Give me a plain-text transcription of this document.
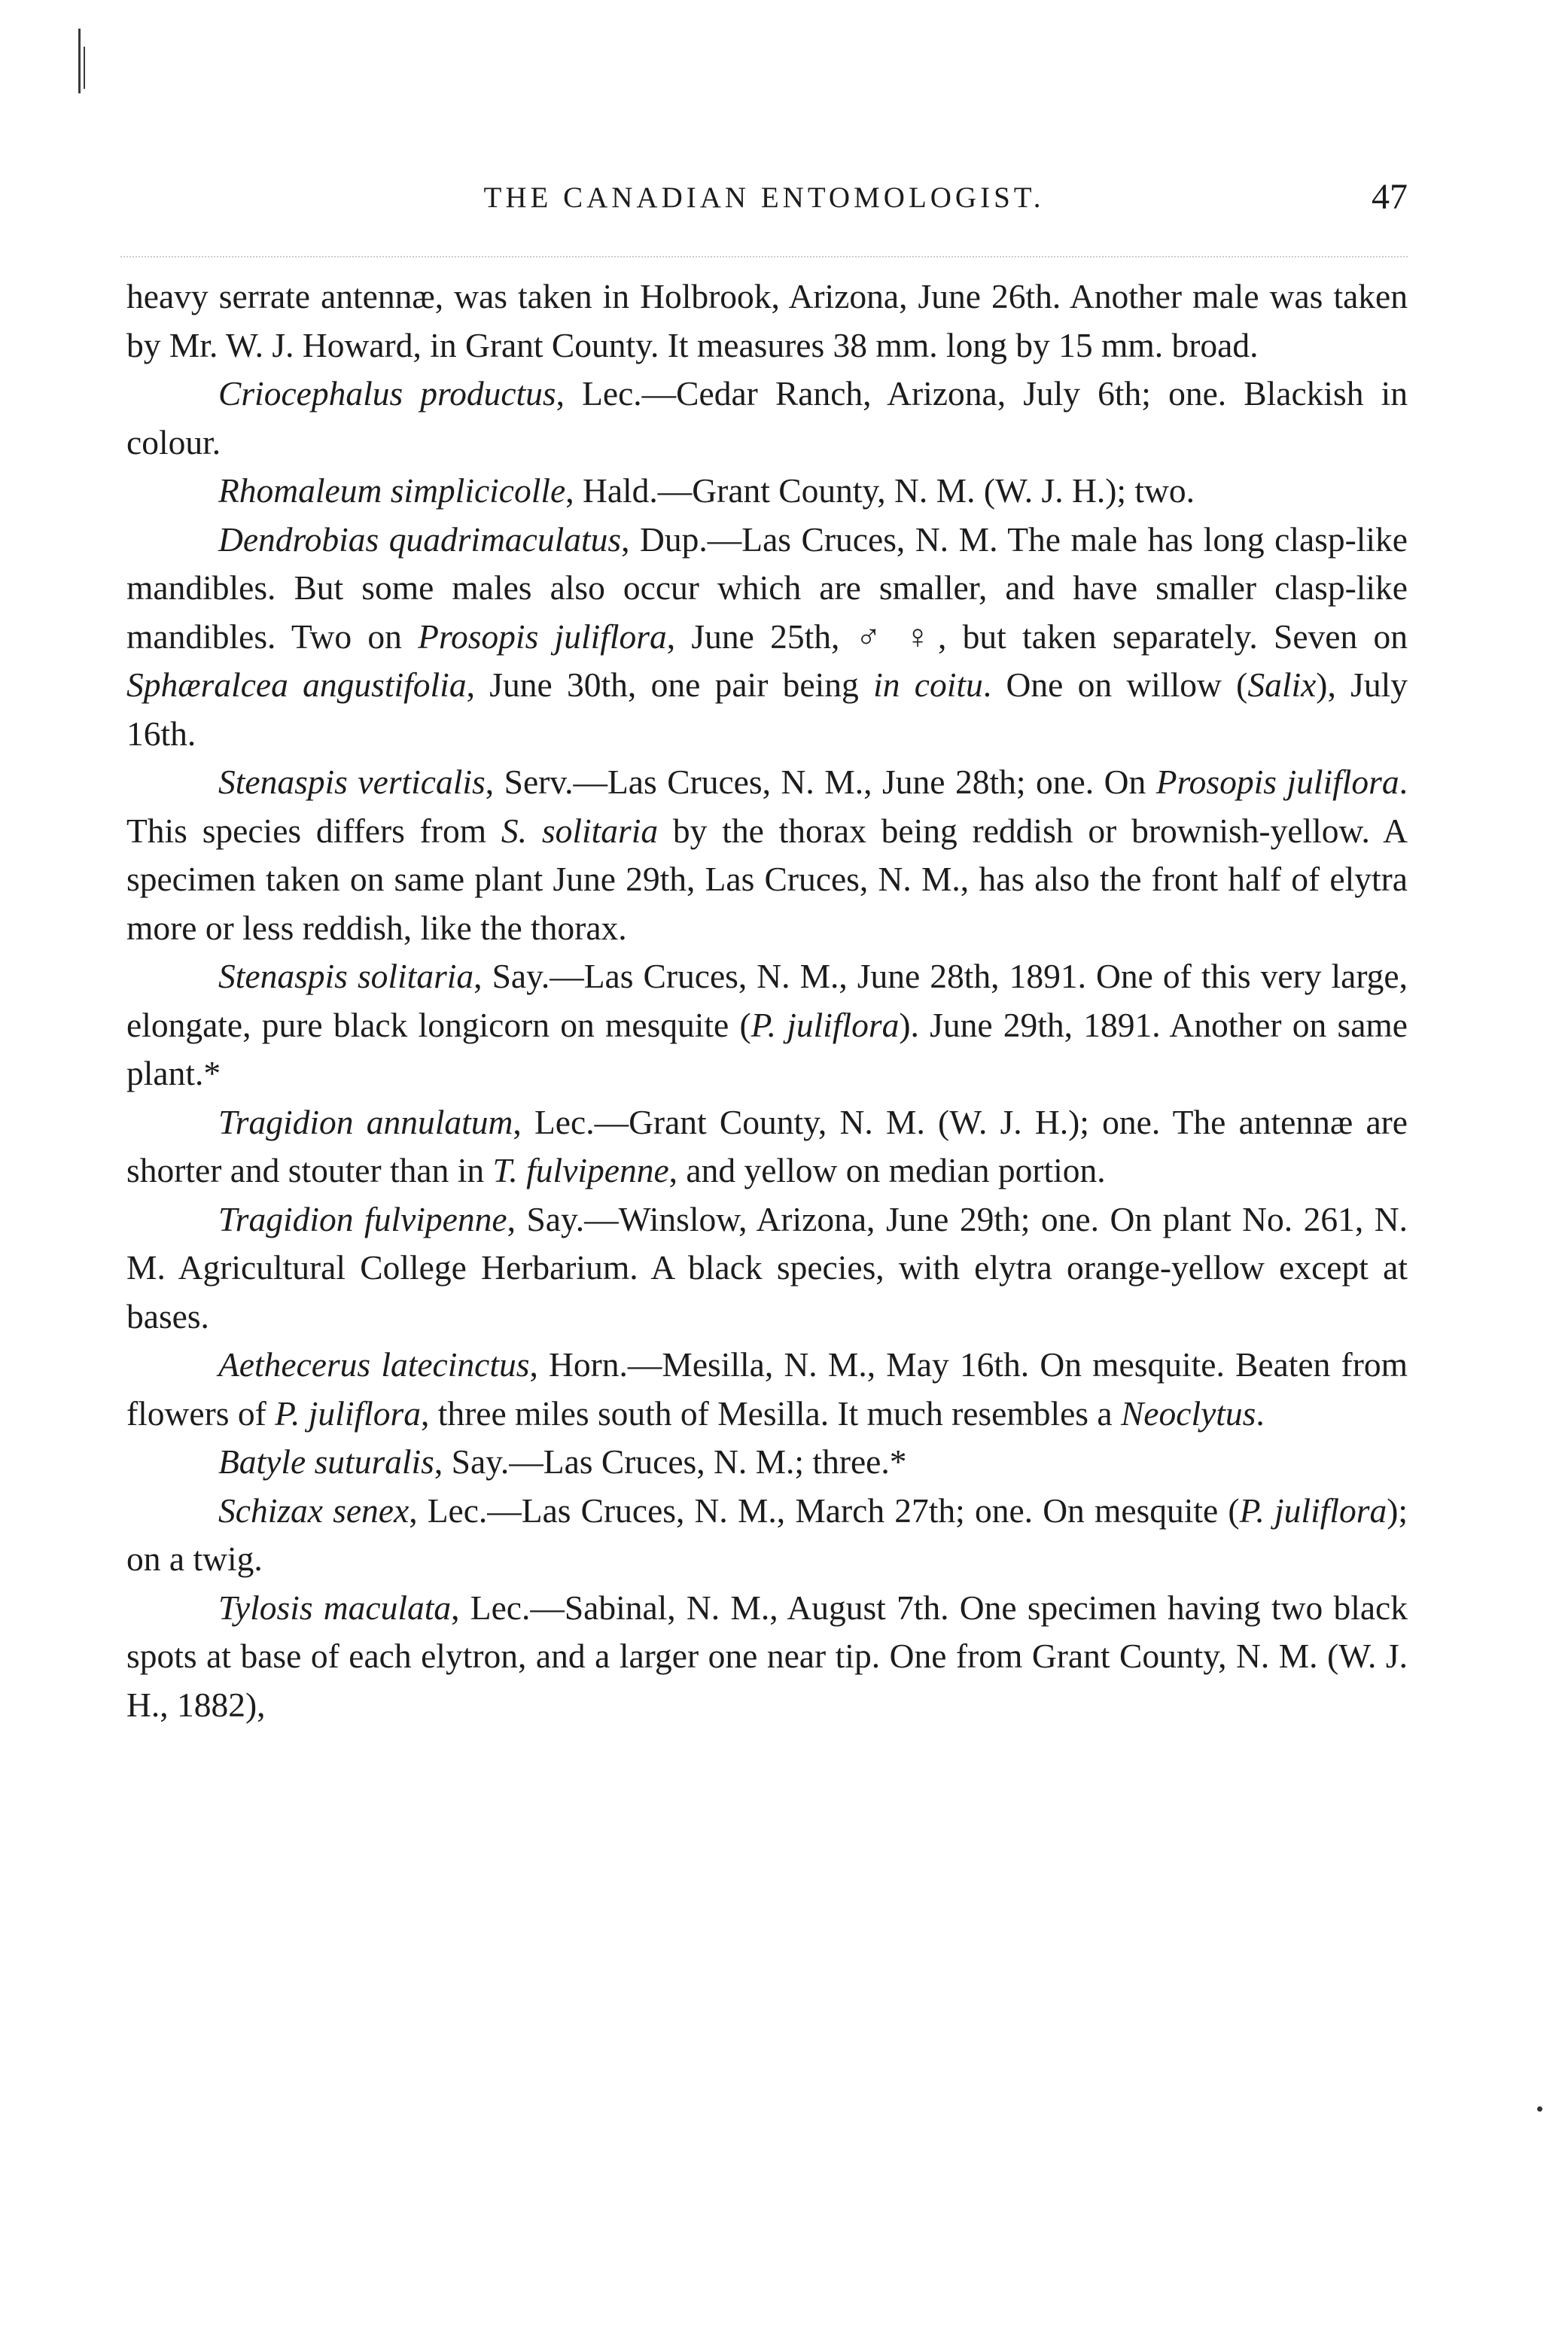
THE CANADIAN ENTOMOLOGIST.	47

heavy serrate antennæ, was taken in Holbrook, Arizona, June 26th. Another male was taken by Mr. W. J. Howard, in Grant County. It measures 38 mm. long by 15 mm. broad.

Criocephalus productus, Lec.—Cedar Ranch, Arizona, July 6th; one. Blackish in colour.

Rhomaleum simplicicolle, Hald.—Grant County, N. M. (W. J. H.); two.

Dendrobias quadrimaculatus, Dup.—Las Cruces, N. M. The male has long clasp-like mandibles. But some males also occur which are smaller, and have smaller clasp-like mandibles. Two on Prosopis juliflora, June 25th, ♂ ♀, but taken separately. Seven on Sphæralcea angustifolia, June 30th, one pair being in coitu. One on willow (Salix), July 16th.

Stenaspis verticalis, Serv.—Las Cruces, N. M., June 28th; one. On Prosopis juliflora. This species differs from S. solitaria by the thorax being reddish or brownish-yellow. A specimen taken on same plant June 29th, Las Cruces, N. M., has also the front half of elytra more or less reddish, like the thorax.

Stenaspis solitaria, Say.—Las Cruces, N. M., June 28th, 1891. One of this very large, elongate, pure black longicorn on mesquite (P. juliflora). June 29th, 1891. Another on same plant.*

Tragidion annulatum, Lec.—Grant County, N. M. (W. J. H.); one. The antennæ are shorter and stouter than in T. fulvipenne, and yellow on median portion.

Tragidion fulvipenne, Say.—Winslow, Arizona, June 29th; one. On plant No. 261, N. M. Agricultural College Herbarium. A black species, with elytra orange-yellow except at bases.

Aethecerus latecinctus, Horn.—Mesilla, N. M., May 16th. On mesquite. Beaten from flowers of P. juliflora, three miles south of Mesilla. It much resembles a Neoclytus.

Batyle suturalis, Say.—Las Cruces, N. M.; three.*

Schizax senex, Lec.—Las Cruces, N. M., March 27th; one. On mesquite (P. juliflora); on a twig.

Tylosis maculata, Lec.—Sabinal, N. M., August 7th. One specimen having two black spots at base of each elytron, and a larger one near tip. One from Grant County, N. M. (W. J. H., 1882),
